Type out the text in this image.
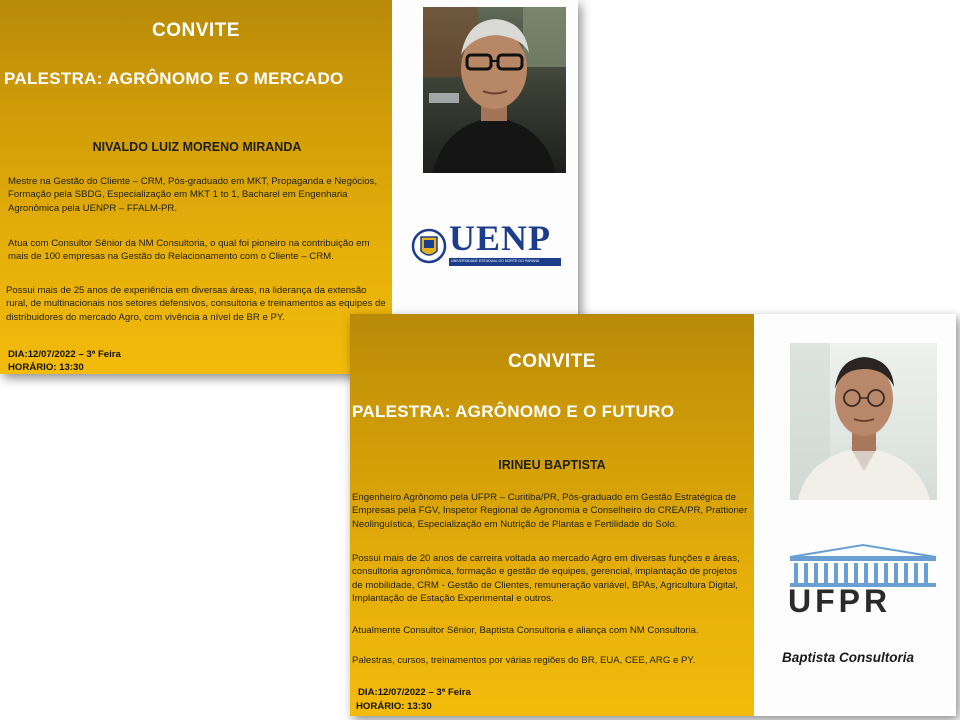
CONVITE
PALESTRA: AGRÔNOMO E O MERCADO
NIVALDO LUIZ MORENO MIRANDA
Mestre na Gestão do Cliente – CRM, Pós-graduado em MKT, Propaganda e Negócios, Formação pela SBDG, Especialização em MKT 1 to 1, Bacharel em Engenharia Agronômica pela UENPR – FFALM-PR.
Atua com Consultor Sênior da NM Consultoria, o qual foi pioneiro na contribuição em mais de 100 empresas na Gestão do Relacionamento com o Cliente – CRM.
Possui mais de 25 anos de experiência em diversas áreas, na liderança da extensão rural, de multinacionais nos setores defensivos, consultoria e treinamentos as equipes de distribuidores do mercado Agro, com vivência a nível de BR e PY.
DIA:12/07/2022 – 3ª Feira
HORÁRIO: 13:30
UENP
UNIVERSIDADE ESTADUAL DO NORTE DO PARANÁ
CONVITE
PALESTRA: AGRÔNOMO E O FUTURO
IRINEU BAPTISTA
Engenheiro Agrônomo pela UFPR – Curitiba/PR, Pós-graduado em Gestão Estratégica de Empresas pela FGV, Inspetor Regional de Agronomia e Conselheiro do CREA/PR, Prattioner Neolinguística, Especialização em Nutrição de Plantas e Fertilidade do Solo.
Possui mais de 20 anos de carreira voltada ao mercado Agro em diversas funções e áreas, consultoria agronômica, formação e gestão de equipes, gerencial, implantação de projetos de mobilidade, CRM - Gestão de Clientes, remuneração variável, BPAs, Agricultura Digital, Implantação de Estação Experimental e outros.
Atualmente Consultor Sênior, Baptista Consultoria e aliança com NM Consultoria.
Palestras, cursos, treinamentos por várias regiões do BR, EUA, CEE, ARG e PY.
DIA:12/07/2022 – 3ª Feira
HORÁRIO: 13:30
UFPR
Baptista Consultoria
